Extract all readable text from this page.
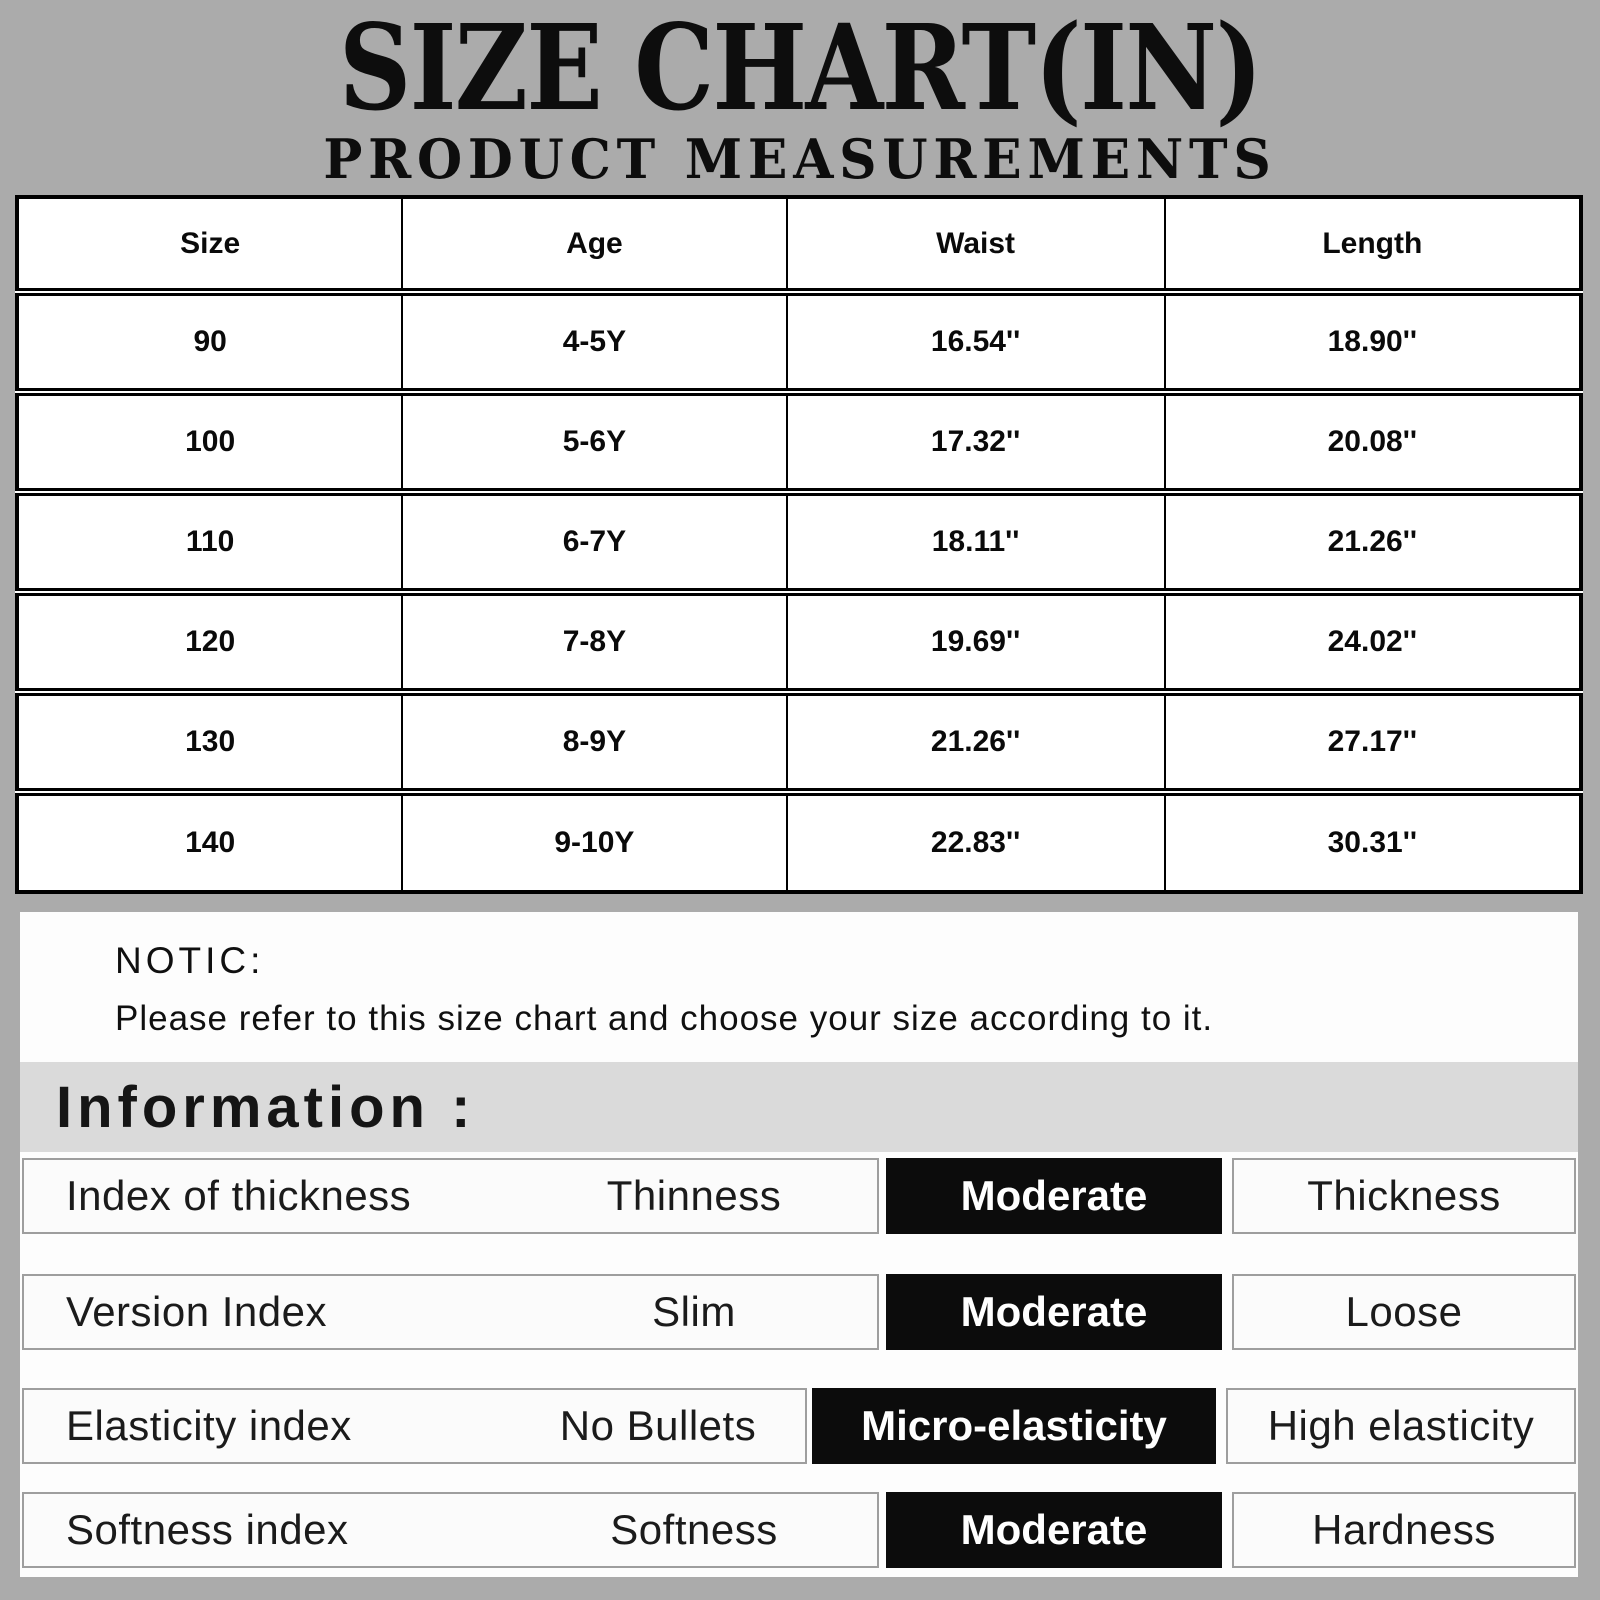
SIZE CHART(IN)
PRODUCT MEASUREMENTS
Size	Age	Waist	Length
90	4-5Y	16.54''	18.90''
100	5-6Y	17.32''	20.08''
110	6-7Y	18.11''	21.26''
120	7-8Y	19.69''	24.02''
130	8-9Y	21.26''	27.17''
140	9-10Y	22.83''	30.31''
NOTIC:
Please refer to this size chart and choose your size according to it.
Information :
Index of thickness	Thinness	Moderate	Thickness
Version Index	Slim	Moderate	Loose
Elasticity index	No Bullets	Micro-elasticity	High elasticity
Softness index	Softness	Moderate	Hardness
